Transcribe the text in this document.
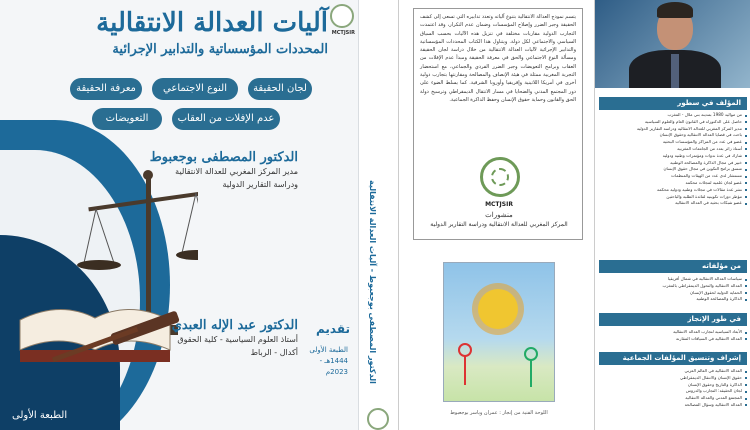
MCTJSIR
آليات العدالة الانتقالية
المحددات المؤسساتية والتدابير الإجرائية
لجان الحقيقة
النوع الاجتماعي
معرفة الحقيقة
عدم الإفلات من العقاب
التعويضات
الدكتور المصطفى بوجعبوط
مدير المركز المغربي للعدالة الانتقالية
ودراسة التقارير الدولية
تقديم
الدكتور عبد الإله العبدي
أستاذ العلوم السياسية - كلية الحقوق
أكدال - الرباط الطبعة الأولى 1444هـ - 2023م
الطبعة الأولى
الدكتور المصطفى بوجعبوط - آليات العدالة الانتقالية
يتسم نموذج العدالة الانتقالية بتنوع آلياته وتعدد تدابيره التي تسعى إلى كشف الحقيقة وجبر الضرر وإصلاح المؤسسات وضمان عدم التكرار، وقد اعتمدت التجارب الدولية مقاربات مختلفة في تنزيل هذه الآليات بحسب السياق السياسي والاجتماعي لكل دولة. ويتناول هذا الكتاب المحددات المؤسساتية والتدابير الإجرائية لآليات العدالة الانتقالية من خلال دراسة لجان الحقيقة ومسألة النوع الاجتماعي والحق في معرفة الحقيقة ومبدأ عدم الإفلات من العقاب وبرامج التعويضات وجبر الضرر الفردي والجماعي، مع استحضار التجربة المغربية ممثلة في هيئة الإنصاف والمصالحة ومقارنتها بتجارب دولية أخرى في أمريكا اللاتينية وإفريقيا وأوروبا الشرقية. كما يسلط الضوء على دور المجتمع المدني والضحايا في مسار الانتقال الديمقراطي وترسيخ دولة الحق والقانون وحماية حقوق الإنسان وحفظ الذاكرة الجماعية.
MCTJSIR
منشورات
المركز المغربي للعدالة الانتقالية ودراسة التقارير الدولية
اللوحة الفنية من إنجاز : عمران وياسر بوجعبوط
المؤلف في سطور
من مواليد 1980 بمدينة بني ملال - المغرب
حاصل على الدكتوراه في القانون العام والعلوم السياسية
مدير المركز المغربي للعدالة الانتقالية ودراسة التقارير الدولية
باحث في قضايا العدالة الانتقالية وحقوق الإنسان
عضو في عدد من المراكز والمؤسسات البحثية
أستاذ زائر بعدد من الجامعات المغربية
شارك في عدة ندوات ومؤتمرات وطنية ودولية
خبير في مجال الذاكرة والمصالحة الوطنية
منسق برامج التكوين في مجال حقوق الإنسان
مستشار لدى عدد من الهيئات والمنظمات
عضو لجان علمية لمجلات محكمة
نشر عدة مقالات في مجلات وطنية ودولية محكمة
مؤطر دورات تكوينية لفائدة الطلبة والباحثين
عضو شبكات بحثية في العدالة الانتقالية
من مؤلفاته
سياسات العدالة الانتقالية في شمال أفريقيا
العدالة الانتقالية والتحول الديمقراطي بالمغرب
الحماية الدولية لحقوق الإنسان
الذاكرة والمصالحة الوطنية
في طور الإنجاز
الأبعاد السياسية لتجارب العدالة الانتقالية
العدالة الانتقالية في السياقات المقارنة
إشراف وتنسيق المؤلفات الجماعية
العدالة الانتقالية في العالم العربي
حقوق الإنسان والانتقال الديمقراطي
الذاكرة والتاريخ وحقوق الإنسان
لجان الحقيقة: التجارب والدروس
المجتمع المدني والعدالة الانتقالية
العدالة الانتقالية وسؤال المصالحة
